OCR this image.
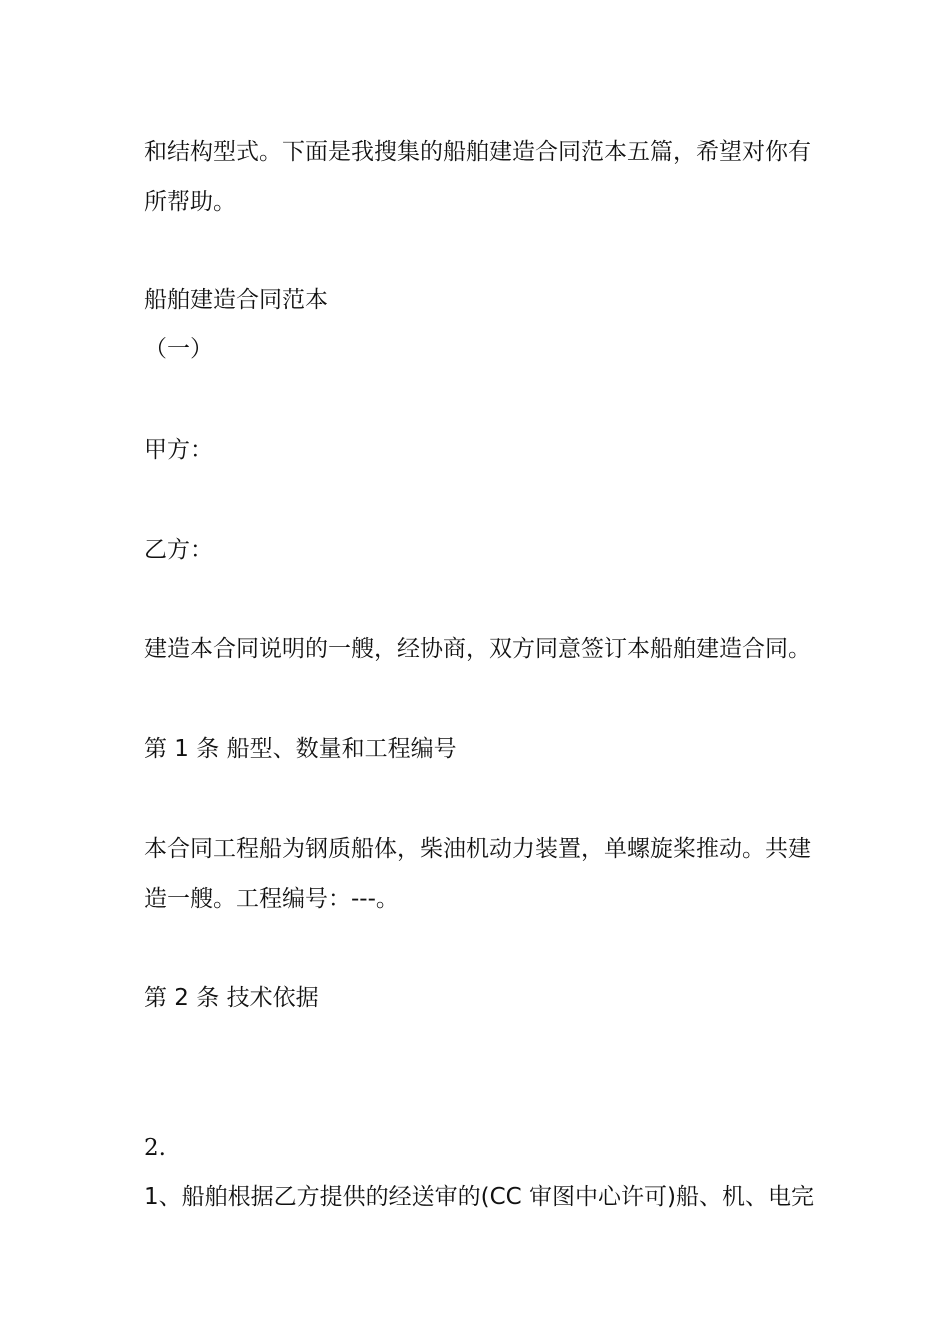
和结构型式。下面是我搜集的船舶建造合同范本五篇，希望对你有

所帮助。

船舶建造合同范本

（一）

甲方：

乙方：

建造本合同说明的一艘，经协商，双方同意签订本船舶建造合同。

第 1 条 船型、数量和工程编号

本合同工程船为钢质船体，柴油机动力装置，单螺旋桨推动。共建

造一艘。工程编号：---。

第 2 条 技术依据

2.

1、船舶根据乙方提供的经送审的(CC 审图中心许可)船、机、电完
